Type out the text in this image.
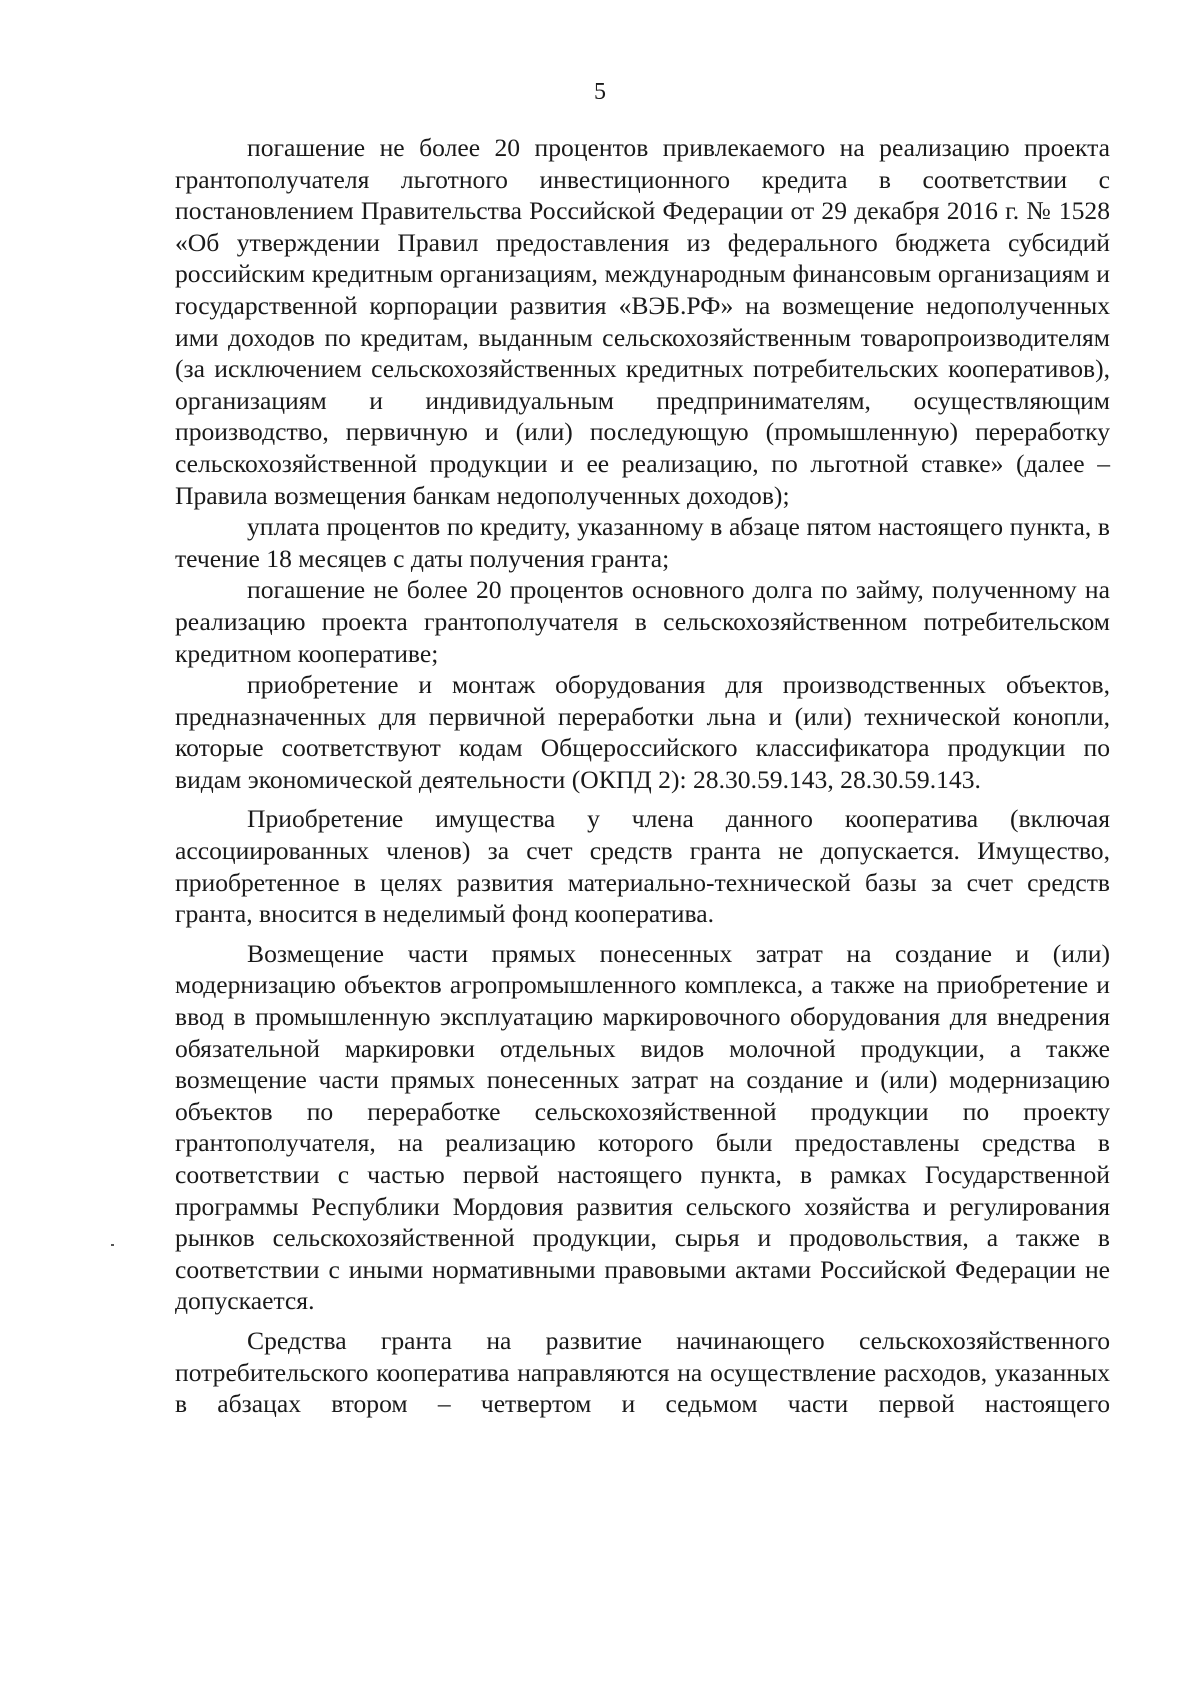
5

погашение не более 20 процентов привлекаемого на реализацию проекта грантополучателя льготного инвестиционного кредита в соответствии с постановлением Правительства Российской Федерации от 29 декабря 2016 г. № 1528 «Об утверждении Правил предоставления из федерального бюджета субсидий российским кредитным организациям, международным финансовым организациям и государственной корпорации развития «ВЭБ.РФ» на возмещение недополученных ими доходов по кредитам, выданным сельскохозяйственным товаропроизводителям (за исключением сельскохозяйственных кредитных потребительских кооперативов), организациям и индивидуальным предпринимателям, осуществляющим производство, первичную и (или) последующую (промышленную) переработку сельскохозяйственной продукции и ее реализацию, по льготной ставке» (далее – Правила возмещения банкам недополученных доходов);

уплата процентов по кредиту, указанному в абзаце пятом настоящего пункта, в течение 18 месяцев с даты получения гранта;

погашение не более 20 процентов основного долга по займу, полученному на реализацию проекта грантополучателя в сельскохозяйственном потребительском кредитном кооперативе;

приобретение и монтаж оборудования для производственных объектов, предназначенных для первичной переработки льна и (или) технической конопли, которые соответствуют кодам Общероссийского классификатора продукции по видам экономической деятельности (ОКПД 2): 28.30.59.143, 28.30.59.143.

Приобретение имущества у члена данного кооператива (включая ассоциированных членов) за счет средств гранта не допускается. Имущество, приобретенное в целях развития материально-технической базы за счет средств гранта, вносится в неделимый фонд кооператива.

Возмещение части прямых понесенных затрат на создание и (или) модернизацию объектов агропромышленного комплекса, а также на приобретение и ввод в промышленную эксплуатацию маркировочного оборудования для внедрения обязательной маркировки отдельных видов молочной продукции, а также возмещение части прямых понесенных затрат на создание и (или) модернизацию объектов по переработке сельскохозяйственной продукции по проекту грантополучателя, на реализацию которого были предоставлены средства в соответствии с частью первой настоящего пункта, в рамках Государственной программы Республики Мордовия развития сельского хозяйства и регулирования рынков сельскохозяйственной продукции, сырья и продовольствия, а также в соответствии с иными нормативными правовыми актами Российской Федерации не допускается.

Средства гранта на развитие начинающего сельскохозяйственного потребительского кооператива направляются на осуществление расходов, указанных в абзацах втором – четвертом и седьмом части первой настоящего
